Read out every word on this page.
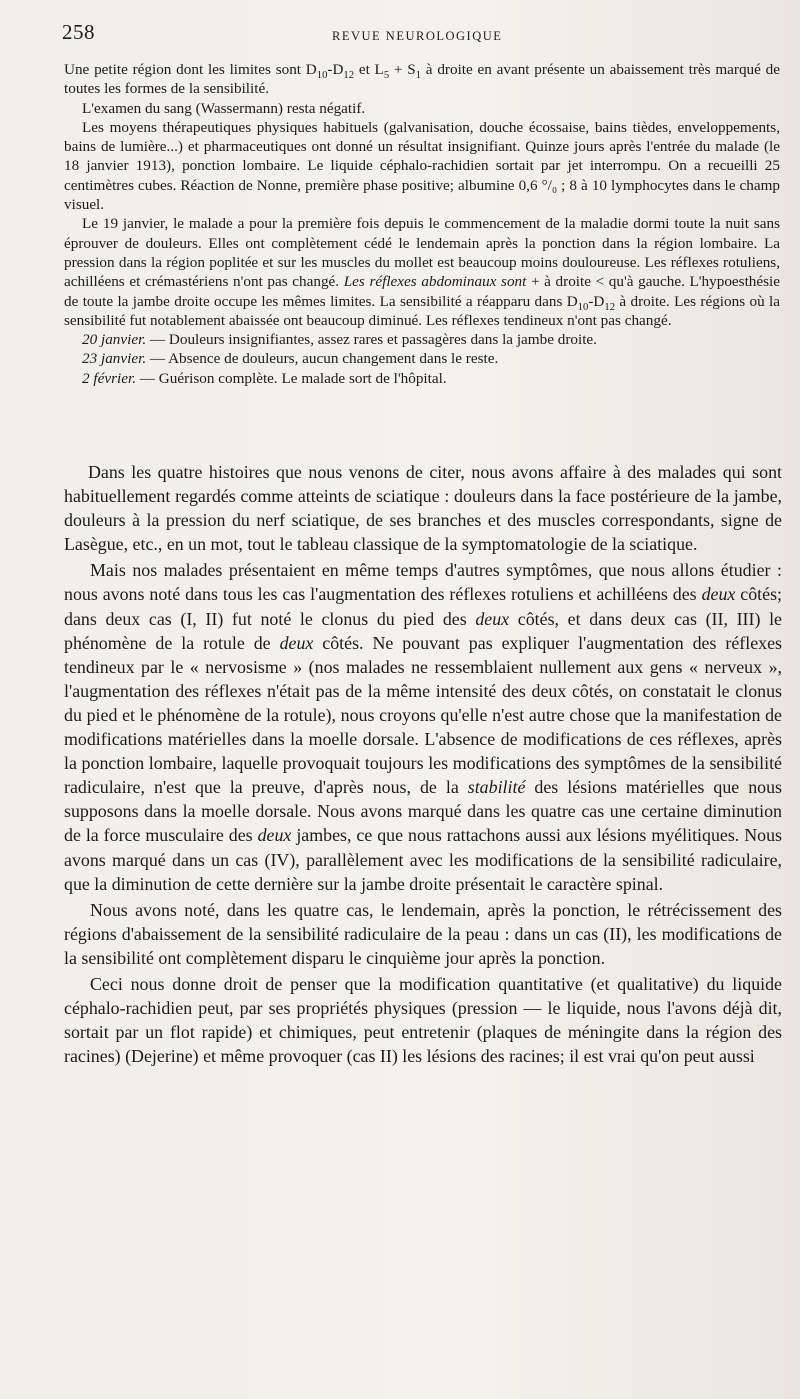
258	REVUE NEUROLOGIQUE

Une petite région dont les limites sont $D_{10}-D_{12}$ et $L_5 + S_1$ à droite en avant présente un abaissement très marqué de toutes les formes de la sensibilité.

L'examen du sang (Wassermann) resta négatif.

Les moyens thérapeutiques physiques habituels (galvanisation, douche écossaise, bains tièdes, enveloppements, bains de lumière...) et pharmaceutiques ont donné un résultat insignifiant. Quinze jours après l'entrée du malade (le 18 janvier 1913), ponction lombaire. Le liquide céphalo-rachidien sortait par jet interrompu. On a recueilli 25 centimètres cubes. Réaction de Nonne, première phase positive; albumine 0,6 °/₀ ; 8 à 10 lymphocytes dans le champ visuel.

Le 19 janvier, le malade a pour la première fois depuis le commencement de la maladie dormi toute la nuit sans éprouver de douleurs. Elles ont complètement cédé le lendemain après la ponction dans la région lombaire. La pression dans la région poplitée et sur les muscles du mollet est beaucoup moins douloureuse. Les réflexes rotuliens, achilléens et crémastériens n'ont pas changé. Les réflexes abdominaux sont + à droite < qu'à gauche. L'hypoesthésie de toute la jambe droite occupe les mêmes limites. La sensibilité a réapparu dans $D_{10}-D_{12}$ à droite. Les régions où la sensibilité fut notablement abaissée ont beaucoup diminué. Les réflexes tendineux n'ont pas changé.

20 janvier. — Douleurs insignifiantes, assez rares et passagères dans la jambe droite.

23 janvier. — Absence de douleurs, aucun changement dans le reste.

2 février. — Guérison complète. Le malade sort de l'hôpital.

Dans les quatre histoires que nous venons de citer, nous avons affaire à des malades qui sont habituellement regardés comme atteints de sciatique : douleurs dans la face postérieure de la jambe, douleurs à la pression du nerf sciatique, de ses branches et des muscles correspondants, signe de Lasègue, etc., en un mot, tout le tableau classique de la symptomatologie de la sciatique.

Mais nos malades présentaient en même temps d'autres symptômes, que nous allons étudier : nous avons noté dans tous les cas l'augmentation des réflexes rotuliens et achilléens des deux côtés; dans deux cas (I, II) fut noté le clonus du pied des deux côtés, et dans deux cas (II, III) le phénomène de la rotule de deux côtés. Ne pouvant pas expliquer l'augmentation des réflexes tendineux par le « nervosisme » (nos malades ne ressemblaient nullement aux gens « nerveux », l'augmentation des réflexes n'était pas de la même intensité des deux côtés, on constatait le clonus du pied et le phénomène de la rotule), nous croyons qu'elle n'est autre chose que la manifestation de modifications matérielles dans la moelle dorsale. L'absence de modifications de ces réflexes, après la ponction lombaire, laquelle provoquait toujours les modifications des symptômes de la sensibilité radiculaire, n'est que la preuve, d'après nous, de la stabilité des lésions matérielles que nous supposons dans la moelle dorsale. Nous avons marqué dans les quatre cas une certaine diminution de la force musculaire des deux jambes, ce que nous rattachons aussi aux lésions myélitiques. Nous avons marqué dans un cas (IV), parallèlement avec les modifications de la sensibilité radiculaire, que la diminution de cette dernière sur la jambe droite présentait le caractère spinal.

Nous avons noté, dans les quatre cas, le lendemain, après la ponction, le rétrécissement des régions d'abaissement de la sensibilité radiculaire de la peau : dans un cas (II), les modifications de la sensibilité ont complètement disparu le cinquième jour après la ponction.

Ceci nous donne droit de penser que la modification quantitative (et qualitative) du liquide céphalo-rachidien peut, par ses propriétés physiques (pression — le liquide, nous l'avons déjà dit, sortait par un flot rapide) et chimiques, peut entretenir (plaques de méningite dans la région des racines) (Dejerine) et même provoquer (cas II) les lésions des racines; il est vrai qu'on peut aussi
